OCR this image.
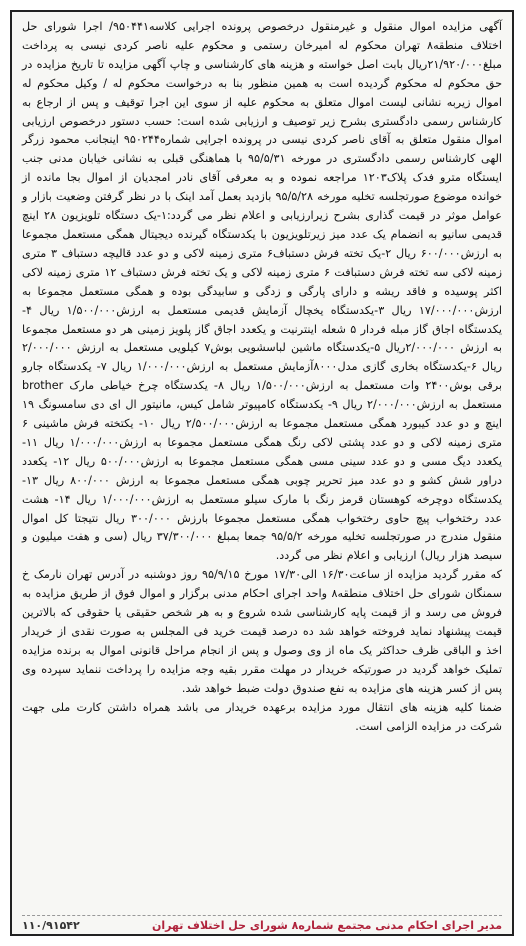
آگهی مزایده اموال منقول و غیرمنقول درخصوص پرونده اجرایی کلاسه۹۵۰۴۴۱/ اجرا شورای حل اختلاف منطقه۸ تهران محکوم له امیرخان رستمی و محکوم علیه ناصر کردی نیسی به پرداخت مبلغ۲۱/۹۲۰/۰۰۰ریال بابت اصل خواسته و هزینه های کارشناسی و چاپ آگهی مزایده تا تاریخ مزایده در حق محکوم له محکوم گردیده است به همین منظور بنا به درخواست محکوم له / وکیل محکوم له اموال زیربه نشانی لیست اموال متعلق به محکوم علیه از سوی این اجرا توقیف و پس از ارجاع به کارشناس رسمی دادگستری بشرح زیر توصیف و ارزیابی شده است: حسب دستور درخصوص ارزیابی اموال منقول متعلق به آقای ناصر کردی نیسی در پرونده اجرایی شماره۹۵۰۲۴۴ اینجانب محمود زرگر الهی کارشناس رسمی دادگستری در مورخه ۹۵/۵/۳۱ با هماهنگی قبلی به نشانی خیابان مدنی جنب ایستگاه مترو فدک پلاک۱۲۰۳ مراجعه نموده و به معرفی آقای نادر امجدیان از اموال بجا مانده از خوانده موضوع صورتجلسه تخلیه مورخه ۹۵/۵/۲۸ بازدید بعمل آمد اینک با در نظر گرفتن وضعیت بازار و عوامل موثر در قیمت گذاری بشرح زیرارزیابی و اعلام نظر می گردد:۱-یک دستگاه تلویزیون ۲۸ اینچ قدیمی سانیو به انضمام یک عدد میز زیرتلویزیون با یکدستگاه گیرنده دیجیتال همگی مستعمل مجموعا به ارزش۶۰۰/۰۰۰ ریال ۲-یک تخته فرش دستباف۶ متری زمینه لاکی و دو عدد قالیچه دستباف ۳ متری زمینه لاکی سه تخته فرش دستبافت ۶ متری زمینه لاکی و یک تخته فرش دستباف ۱۲ متری زمینه لاکی اکثر پوسیده و فاقد ریشه و دارای پارگی و زدگی و سابیدگی بوده و همگی مستعمل مجموعا به ارزش۱۷/۰۰۰/۰۰۰ ریال ۳-یکدستگاه یخچال آزمایش قدیمی مستعمل به ارزش۱/۵۰۰/۰۰۰ ریال ۴- یکدستگاه اجاق گاز مبله فردار ۵ شعله اینترنیت و یکعدد اجاق گاز پلویز زمینی هر دو مستعمل مجموعا به ارزش ۲/۰۰۰/۰۰۰ریال ۵-یکدستگاه ماشین لباسشویی بوش۷ کیلویی مستعمل به ارزش ۲/۰۰۰/۰۰۰ ریال ۶-یکدستگاه بخاری گازی مدل۸۰۰۰آزمایش مستعمل به ارزش۱/۰۰۰/۰۰۰ ریال ۷- یکدستگاه جارو برقی بوش۲۴۰۰ وات مستعمل به ارزش۱/۵۰۰/۰۰۰ ریال ۸- یکدستگاه چرخ خیاطی مارک brother مستعمل به ارزش۲/۰۰۰/۰۰۰ ریال ۹- یکدستگاه کامپیوتر شامل کیس، مانیتور ال ای دی سامسونگ ۱۹ اینچ و دو عدد کیبورد همگی مستعمل مجموعا به ارزش۲/۵۰۰/۰۰۰ ریال ۱۰- یکتخته فرش ماشینی ۶ متری زمینه لاکی و دو عدد پشتی لاکی رنگ همگی مستعمل مجموعا به ارزش۱/۰۰۰/۰۰۰ ریال ۱۱- یکعدد دیگ مسی و دو عدد سینی مسی همگی مستعمل مجموعا به ارزش۵۰۰/۰۰۰ ریال ۱۲- یکعدد دراور شش کشو و دو عدد میز تحریر چوبی همگی مستعمل مجموعا به ارزش ۸۰۰/۰۰۰ ریال ۱۳- یکدستگاه دوچرخه کوهستان قرمز رنگ با مارک سیلو مستعمل به ارزش۱/۰۰۰/۰۰۰ ریال ۱۴- هشت عدد رختخواب پیچ حاوی رختخواب همگی مستعمل مجموعا بارزش ۳۰۰/۰۰۰ ریال نتیجتا کل اموال منقول مندرج در صورتجلسه تخلیه مورخه ۹۵/۵/۲ جمعا بمبلغ ۳۷/۳۰۰/۰۰۰ ریال (سی و هفت میلیون و سیصد هزار ریال) ارزیابی و اعلام نظر می گردد.

که مقرر گردید مزایده از ساعت۱۶/۳۰ الی۱۷/۳۰ مورخ ۹۵/۹/۱۵ روز دوشنبه در آدرس تهران نارمک خ سمنگان شورای حل اختلاف منطقه۸ واحد اجرای احکام مدنی برگزار و اموال فوق از طریق مزایده به فروش می رسد و از قیمت پایه کارشناسی شده شروع و به هر شخص حقیقی یا حقوقی که بالاترین قیمت پیشنهاد نماید فروخته خواهد شد ده درصد قیمت خرید فی المجلس به صورت نقدی از خریدار اخذ و الباقی ظرف حداکثر یک ماه از وی وصول و پس از انجام مراحل قانونی اموال به برنده مزایده تملیک خواهد گردید در صورتیکه خریدار در مهلت مقرر بقیه وجه مزایده را پرداخت ننماید سپرده وی پس از کسر هزینه های مزایده به نفع صندوق دولت ضبط خواهد شد.

ضمنا کلیه هزینه های انتقال مورد مزایده برعهده خریدار می باشد همراه داشتن کارت ملی جهت شرکت در مزایده الزامی است.

مدیر اجرای احکام مدنی مجتمع شماره۸ شورای حل اختلاف تهران
۱۱۰/۹۱۵۴۲
